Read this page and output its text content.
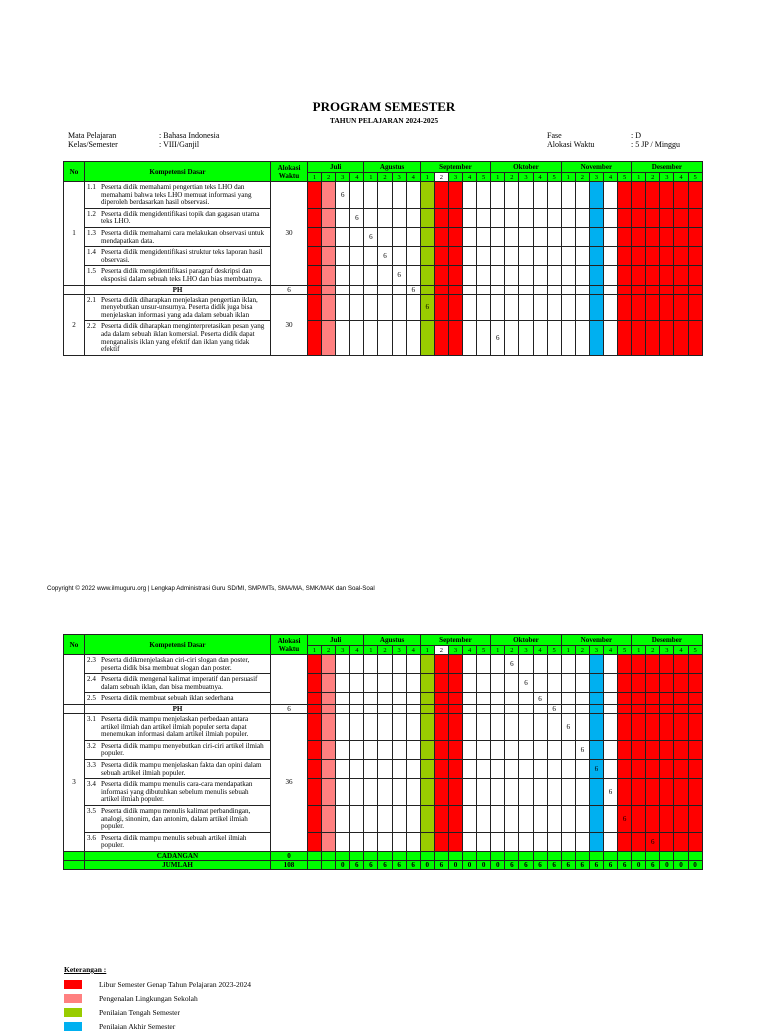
PROGRAM SEMESTER
TAHUN PELAJARAN 2024-2025
Mata Pelajaran
Kelas/Semester
: Bahasa Indonesia
: VIII/Ganjil
Fase
Alokasi Waktu
: D
: 5 JP / Minggu
No	Kompetensi Dasar	Alokasi Waktu	Juli				Agustus				September					Oktober					November					Desember				
			1	2	3	4	1	2	3	4	1	2	3	4	5	1	2	3	4	5	1	2	3	4	5	1	2	3	4	5
1	1.1 Peserta didik memahami pengertian teks LHO dan memahami bahwa teks LHO memuat informasi yang diperoleh berdasarkan hasil observasi.	30			6																									
	1.2 Peserta didik mengidentifikasi topik dan gagasan utama teks LHO.					6																								
	1.3 Peserta didik memahami cara melakukan observasi untuk mendapatkan data.						6																							
	1.4 Peserta didik mengidentifikasi struktur teks laporan hasil observasi.							6																						
	1.5 Peserta didik mengidentifikasi paragraf deskripsi dan eksposisi dalam sebuah teks LHO dan bias membuatnya.								6																					
	PH	6								6																				
2	2.1 Peserta didik diharapkan menjelaskan pengertian iklan, menyebutkan unsur-unsurnya. Peserta didik juga bisa menjelaskan informasi yang ada dalam sebuah iklan	30									6																			
	2.2 Peserta didik diharapkan menginterpretasikan pesan yang ada dalam sebuah iklan komersial. Peserta didik dapat menganalisis iklan yang efektif dan iklan yang tidak efektif															6														
Copyright © 2022 www.ilmuguru.org | Lengkap Administrasi Guru SD/MI, SMP/MTs, SMA/MA, SMK/MAK dan Soal-Soal
No	Kompetensi Dasar	Alokasi Waktu	Juli				Agustus				September					Oktober					November					Desember				
			1	2	3	4	1	2	3	4	1	2	3	4	5	1	2	3	4	5	1	2	3	4	5	1	2	3	4	5
	2.3 Peserta didikmenjelaskan ciri-ciri slogan dan poster, peserta didik bisa membuat slogan dan poster.																6													
	2.4 Peserta didik mengenal kalimat imperatif dan persuasif dalam sebuah iklan, dan bisa membuatnya.																	6												
	2.5 Peserta didik membuat sebuah iklan sederhana																		6											
	PH	6																		6										
3	3.1 Peserta didik mampu menjelaskan perbedaan antara artikel ilmiah dan artikel ilmiah populer serta dapat menemukan informasi dalam artikel ilmiah populer.	36																			6									
	3.2 Peserta didik mampu menyebutkan ciri-ciri artikel ilmiah populer.																					6								
	3.3 Peserta didik mampu menjelaskan fakta dan opini dalam sebuah artikel ilmiah populer.																						6							
	3.4 Peserta didik mampu menulis cara-cara mendapatkan informasi yang dibutuhkan sebelum menulis sebuah artikel ilmiah populer.																							6						
	3.5 Peserta didik mampu menulis kalimat perbandingan, analogi, sinonim, dan antonim, dalam artikel ilmiah populer.																								6					
	3.6 Peserta didik mampu menulis sebuah artikel ilmiah populer.																										6			
	CADANGAN	0																												
	JUMLAH	108			0	6	6	6	6	6	0	6	0	0	0	0	6	6	6	6	6	6	6	6	6	0	6	0	0	0
Keterangan :
Libur Semester Genap Tahun Pelajaran 2023-2024
Pengenalan Lingkungan Sekolah
Penilaian Tengah Semester
Penilaian Akhir Semester
